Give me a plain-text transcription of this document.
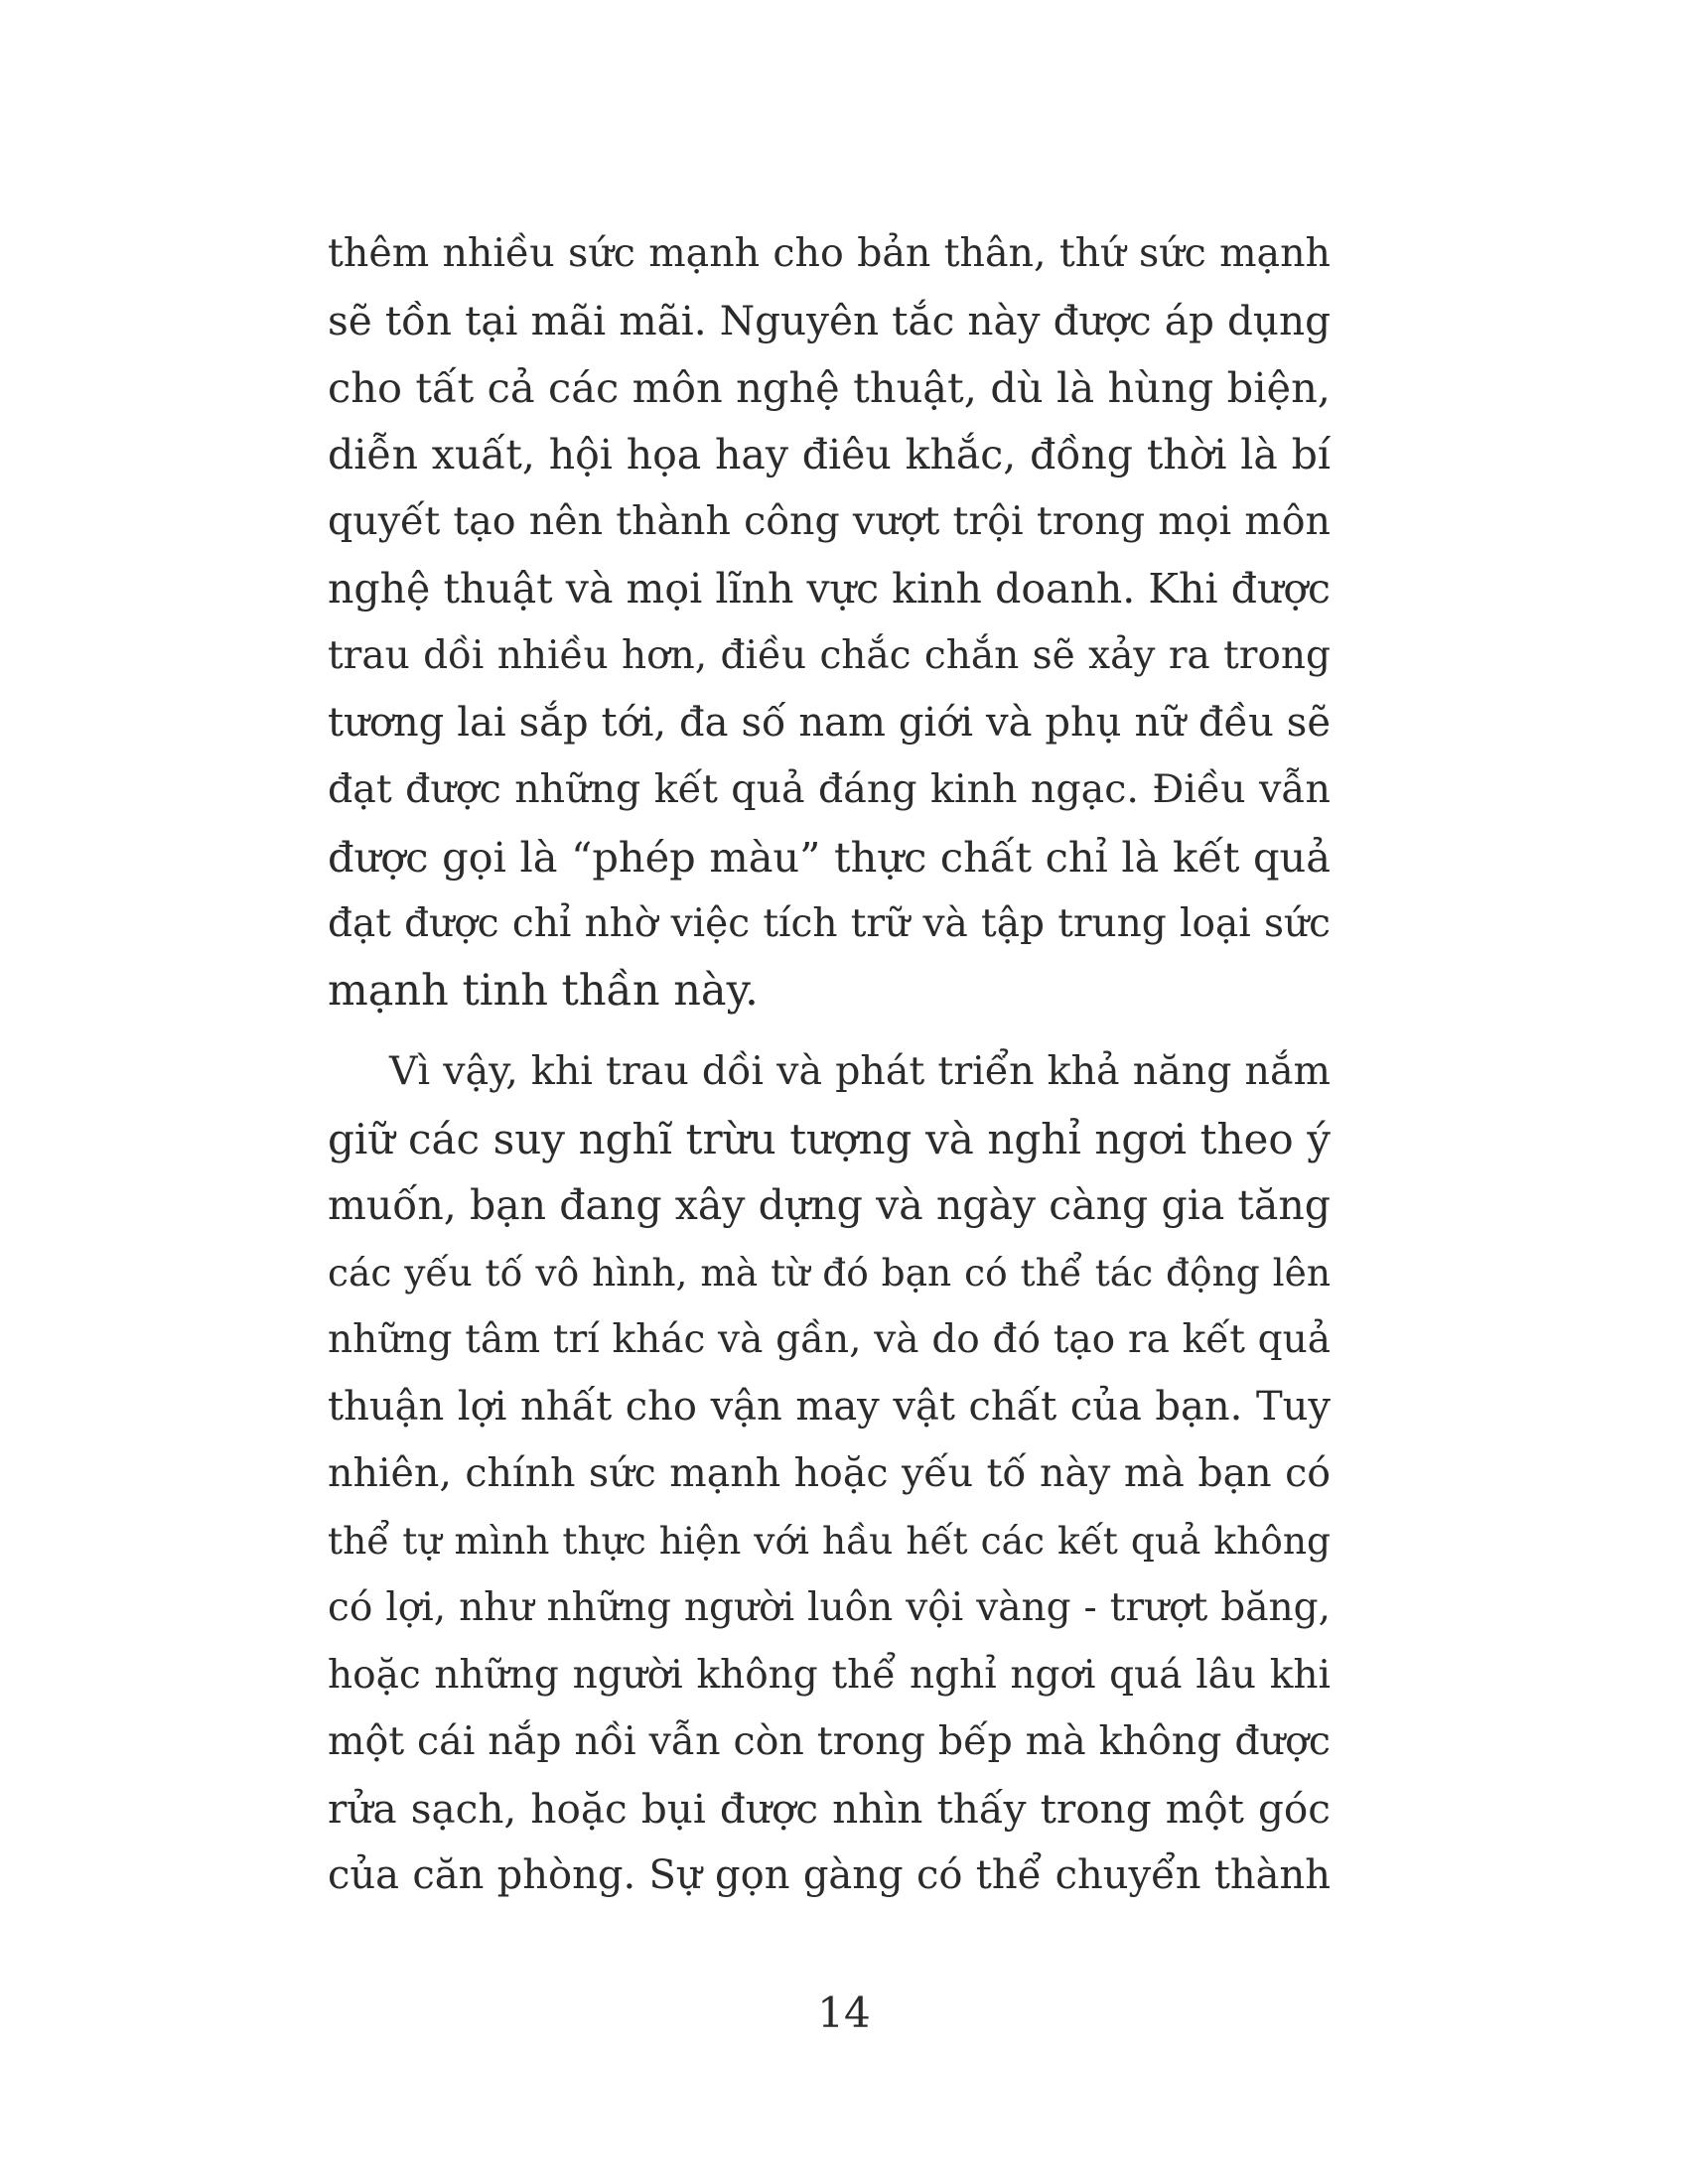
thêm nhiều sức mạnh cho bản thân, thứ sức mạnh
sẽ tồn tại mãi mãi. Nguyên tắc này được áp dụng
cho tất cả các môn nghệ thuật, dù là hùng biện,
diễn xuất, hội họa hay điêu khắc, đồng thời là bí
quyết tạo nên thành công vượt trội trong mọi môn
nghệ thuật và mọi lĩnh vực kinh doanh. Khi được
trau dồi nhiều hơn, điều chắc chắn sẽ xảy ra trong
tương lai sắp tới, đa số nam giới và phụ nữ đều sẽ
đạt được những kết quả đáng kinh ngạc. Điều vẫn
được gọi là “phép màu” thực chất chỉ là kết quả
đạt được chỉ nhờ việc tích trữ và tập trung loại sức
mạnh tinh thần này.

Vì vậy, khi trau dồi và phát triển khả năng nắm
giữ các suy nghĩ trừu tượng và nghỉ ngơi theo ý
muốn, bạn đang xây dựng và ngày càng gia tăng
các yếu tố vô hình, mà từ đó bạn có thể tác động lên
những tâm trí khác và gần, và do đó tạo ra kết quả
thuận lợi nhất cho vận may vật chất của bạn. Tuy
nhiên, chính sức mạnh hoặc yếu tố này mà bạn có
thể tự mình thực hiện với hầu hết các kết quả không
có lợi, như những người luôn vội vàng - trượt băng,
hoặc những người không thể nghỉ ngơi quá lâu khi
một cái nắp nồi vẫn còn trong bếp mà không được
rửa sạch, hoặc bụi được nhìn thấy trong một góc
của căn phòng. Sự gọn gàng có thể chuyển thành

14
